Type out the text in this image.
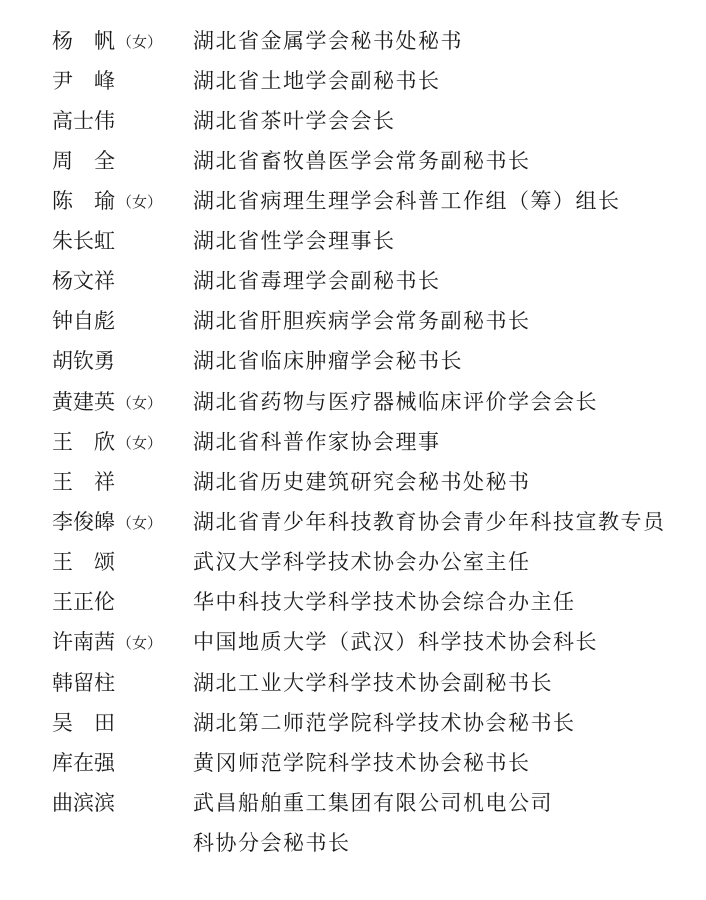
杨　帆 （女） 湖北省金属学会秘书处秘书
尹　峰	湖北省土地学会副秘书长
高士伟	湖北省茶叶学会会长
周　全	湖北省畜牧兽医学会常务副秘书长
陈　瑜 （女） 湖北省病理生理学会科普工作组（筹）组长
朱长虹	湖北省性学会理事长
杨文祥	湖北省毒理学会副秘书长
钟自彪	湖北省肝胆疾病学会常务副秘书长
胡钦勇	湖北省临床肿瘤学会秘书长
黄建英 （女） 湖北省药物与医疗器械临床评价学会会长
王　欣 （女） 湖北省科普作家协会理事
王　祥	湖北省历史建筑研究会秘书处秘书
李俊皞 （女） 湖北省青少年科技教育协会青少年科技宣教专员
王　颂	武汉大学科学技术协会办公室主任
王正伦	华中科技大学科学技术协会综合办主任
许南茜 （女） 中国地质大学（武汉）科学技术协会科长
韩留柱	湖北工业大学科学技术协会副秘书长
吴　田	湖北第二师范学院科学技术协会秘书长
库在强	黄冈师范学院科学技术协会秘书长
曲滨滨	武昌船舶重工集团有限公司机电公司
科协分会秘书长
